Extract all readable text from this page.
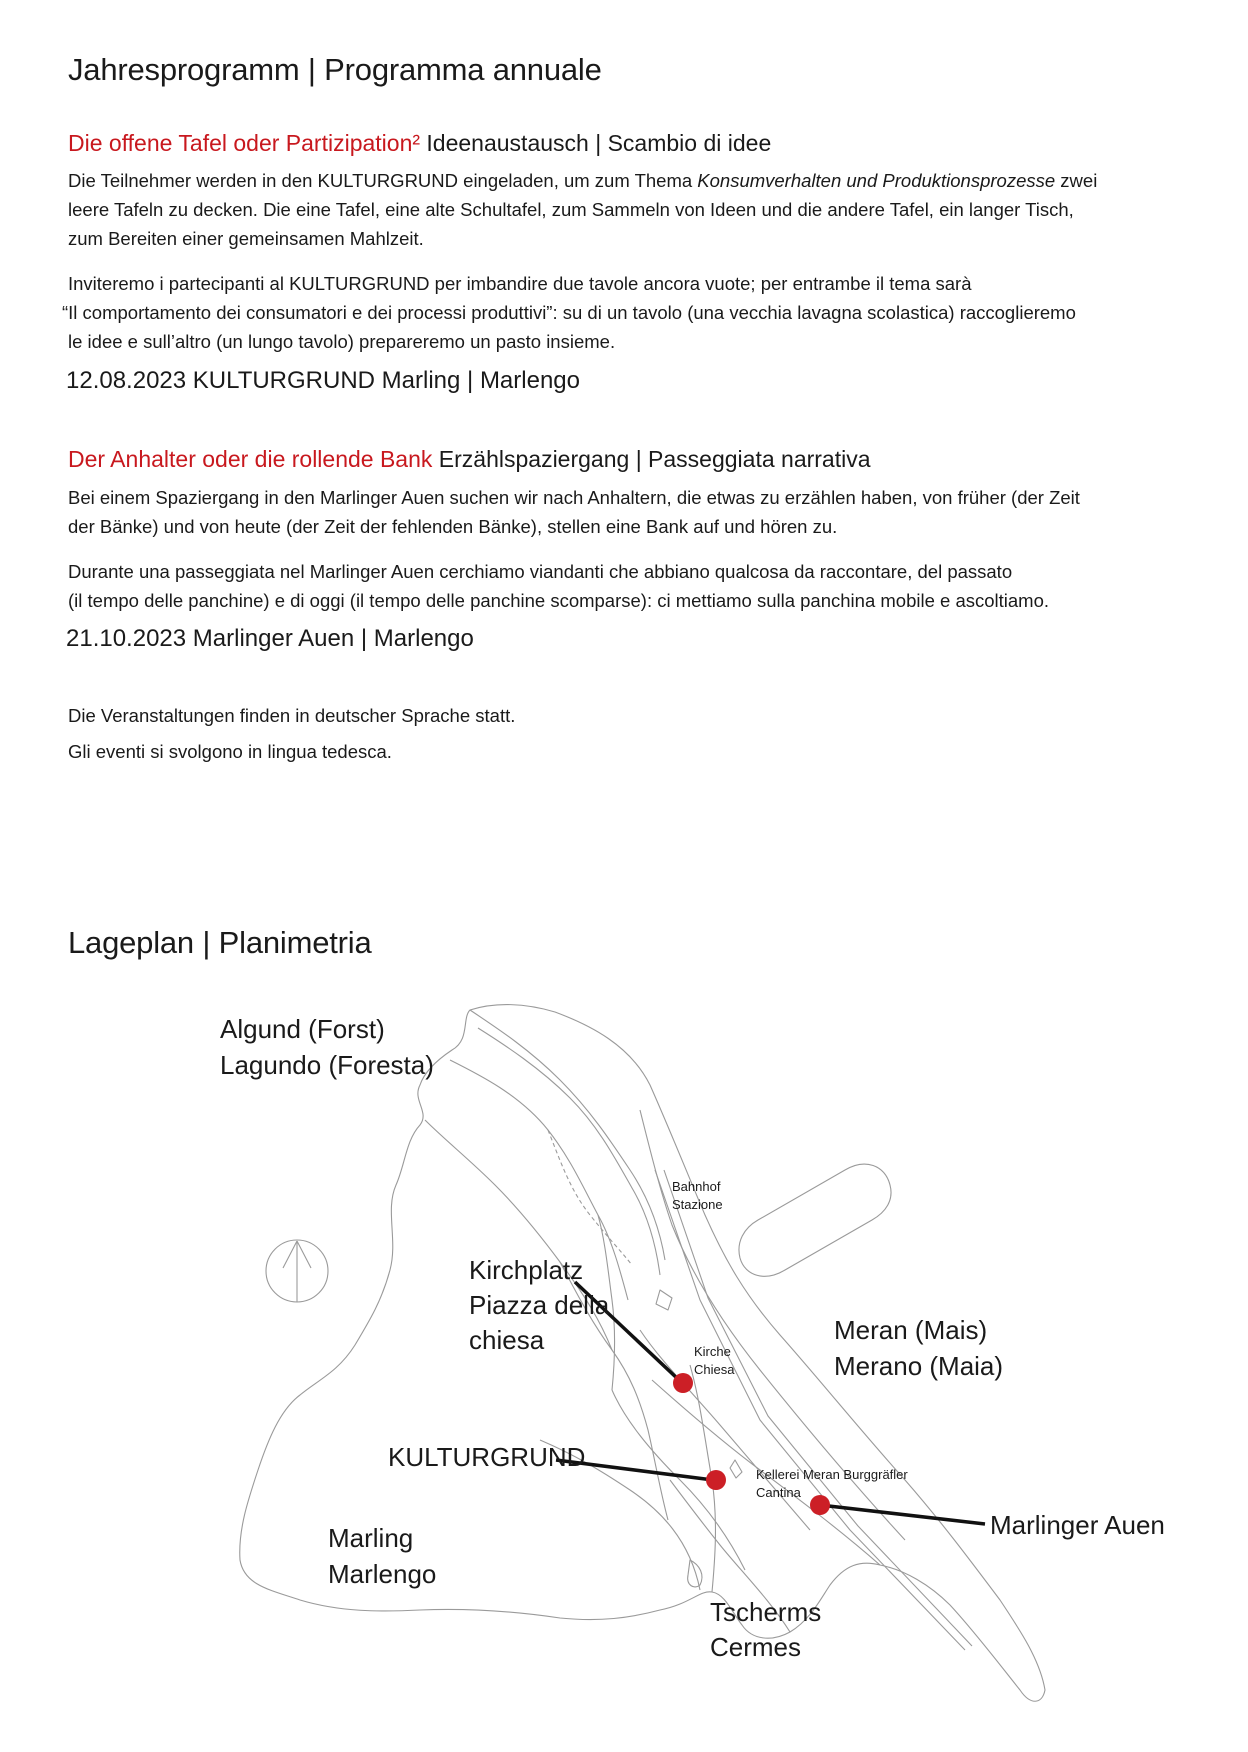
Jahresprogramm | Programma annuale

Die offene Tafel oder Partizipation² Ideenaustausch | Scambio di idee

Die Teilnehmer werden in den KULTURGRUND eingeladen, um zum Thema Konsumverhalten und Produktionsprozesse zwei
leere Tafeln zu decken. Die eine Tafel, eine alte Schultafel, zum Sammeln von Ideen und die andere Tafel, ein langer Tisch,
zum Bereiten einer gemeinsamen Mahlzeit.

Inviteremo i partecipanti al KULTURGRUND per imbandire due tavole ancora vuote; per entrambe il tema sarà
“Il comportamento dei consumatori e dei processi produttivi”: su di un tavolo (una vecchia lavagna scolastica) raccoglieremo
le idee e sull’altro (un lungo tavolo) prepareremo un pasto insieme.

12.08.2023 KULTURGRUND Marling | Marlengo

Der Anhalter oder die rollende Bank Erzählspaziergang | Passeggiata narrativa

Bei einem Spaziergang in den Marlinger Auen suchen wir nach Anhaltern, die etwas zu erzählen haben, von früher (der Zeit
der Bänke) und von heute (der Zeit der fehlenden Bänke), stellen eine Bank auf und hören zu.

Durante una passeggiata nel Marlinger Auen cerchiamo viandanti che abbiano qualcosa da raccontare, del passato
(il tempo delle panchine) e di oggi (il tempo delle panchine scomparse): ci mettiamo sulla panchina mobile e ascoltiamo.

21.10.2023 Marlinger Auen | Marlengo

Die Veranstaltungen finden in deutscher Sprache statt.

Gli eventi si svolgono in lingua tedesca.

Lageplan | Planimetria
Algund (Forst)
Lagundo (Foresta)
Bahnhof
Stazione
Kirchplatz
Piazza della
chiesa	Kirche
Chiesa
Meran (Mais)
Merano (Maia)
KULTURGRUND
Kellerei Meran Burggräfler
Cantina
Marlinger Auen
Marling
Marlengo
Tscherms
Cermes
